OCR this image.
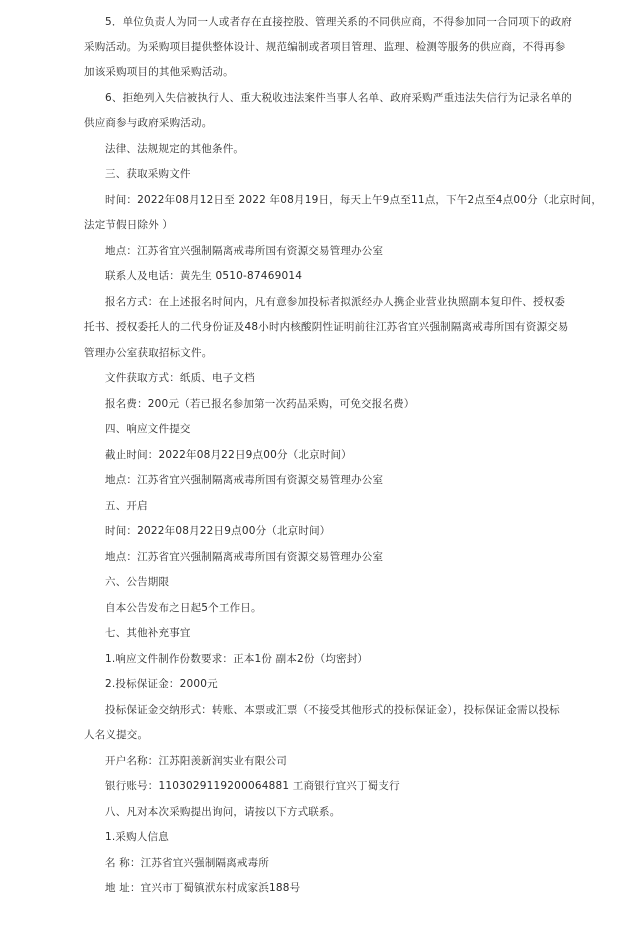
5．单位负责人为同一人或者存在直接控股、管理关系的不同供应商，不得参加同一合同项下的政府
采购活动。为采购项目提供整体设计、规范编制或者项目管理、监理、检测等服务的供应商，不得再参
加该采购项目的其他采购活动。
6、拒绝列入失信被执行人、重大税收违法案件当事人名单、政府采购严重违法失信行为记录名单的
供应商参与政府采购活动。
法律、法规规定的其他条件。
三、获取采购文件
时间：2022年08月12日至 2022 年08月19日，每天上午9点至11点，下午2点至4点00分（北京时间，
法定节假日除外 ）
地点：江苏省宜兴强制隔离戒毒所国有资源交易管理办公室
联系人及电话：黄先生 0510-87469014
报名方式：在上述报名时间内，凡有意参加投标者拟派经办人携企业营业执照副本复印件、授权委
托书、授权委托人的二代身份证及48小时内核酸阴性证明前往江苏省宜兴强制隔离戒毒所国有资源交易
管理办公室获取招标文件。
文件获取方式：纸质、电子文档
报名费：200元（若已报名参加第一次药品采购，可免交报名费）
四、响应文件提交
截止时间：2022年08月22日9点00分（北京时间）
地点：江苏省宜兴强制隔离戒毒所国有资源交易管理办公室
五、开启
时间：2022年08月22日9点00分（北京时间）
地点：江苏省宜兴强制隔离戒毒所国有资源交易管理办公室
六、公告期限
自本公告发布之日起5个工作日。
七、其他补充事宜
1.响应文件制作份数要求：正本1份 副本2份（均密封）
2.投标保证金：2000元
投标保证金交纳形式：转账、本票或汇票（不接受其他形式的投标保证金），投标保证金需以投标
人名义提交。
开户名称：江苏阳羡新润实业有限公司
银行账号：1103029119200064881 工商银行宜兴丁蜀支行
八、凡对本次采购提出询问，请按以下方式联系。
1.采购人信息
名 称：江苏省宜兴强制隔离戒毒所
地 址：宜兴市丁蜀镇洑东村成家浜188号
